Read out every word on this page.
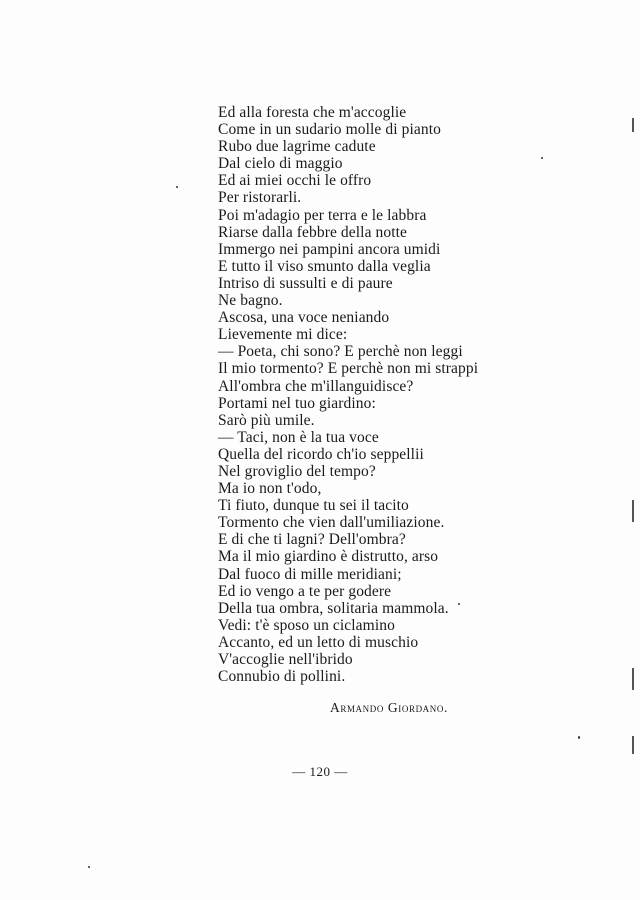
Ed alla foresta che m'accoglie
Come in un sudario molle di pianto
Rubo due lagrime cadute
Dal cielo di maggio
Ed ai miei occhi le offro
Per ristorarli.
Poi m'adagio per terra e le labbra
Riarse dalla febbre della notte
Immergo nei pampini ancora umidi
E tutto il viso smunto dalla veglia
Intriso di sussulti e di paure
Ne bagno.
Ascosa, una voce neniando
Lievemente mi dice:
— Poeta, chi sono? E perchè non leggi
Il mio tormento? E perchè non mi strappi
All'ombra che m'illanguidisce?
Portami nel tuo giardino:
Sarò più umile.
— Taci, non è la tua voce
Quella del ricordo ch'io seppellii
Nel groviglio del tempo?
Ma io non t'odo,
Ti fiuto, dunque tu sei il tacito
Tormento che vien dall'umiliazione.
E di che ti lagni? Dell'ombra?
Ma il mio giardino è distrutto, arso
Dal fuoco di mille meridiani;
Ed io vengo a te per godere
Della tua ombra, solitaria mammola.
Vedi: t'è sposo un ciclamino
Accanto, ed un letto di muschio
V'accoglie nell'ibrido
Connubio di pollini.
Armando Giordano.
— 120 —
